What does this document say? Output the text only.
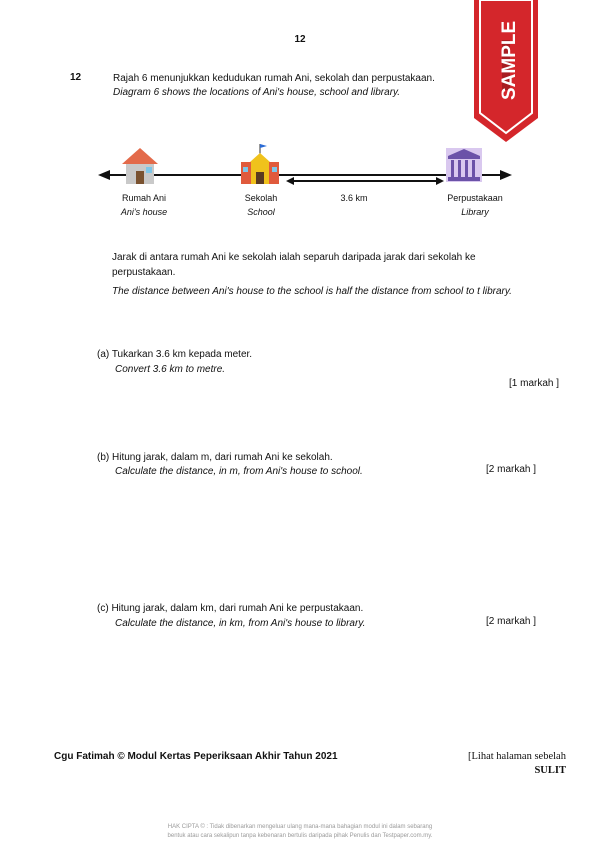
12	SAMPLE
12	Rajah 6 menunjukkan kedudukan rumah Ani, sekolah dan perpustakaan.
Diagram 6 shows the locations of Ani's house, school and library.
Rumah Ani
Ani's house
Sekolah
School
3.6 km	Perpustakaan
Library
Jarak di antara rumah Ani ke sekolah ialah separuh daripada jarak dari sekolah ke perpustakaan.
The distance between Ani's house to the school is half the distance from school to t library.
(a) Tukarkan 3.6 km kepada meter.
Convert 3.6 km to metre.
[1 markah ]
(b) Hitung jarak, dalam m, dari rumah Ani ke sekolah.
Calculate the distance, in m, from Ani's house to school.	[2 markah ]
(c) Hitung jarak, dalam km, dari rumah Ani ke perpustakaan.
Calculate the distance, in km, from Ani's house to library.	[2 markah ]
Cgu Fatimah © Modul Kertas Peperiksaan Akhir Tahun 2021	[Lihat halaman sebelah
SULIT
HAK CIPTA © : Tidak dibenarkan mengeluar ulang mana-mana bahagian modul ini dalam sebarang
bentuk atau cara sekalipun tanpa kebenaran bertulis daripada pihak Penulis dan Testpaper.com.my.
